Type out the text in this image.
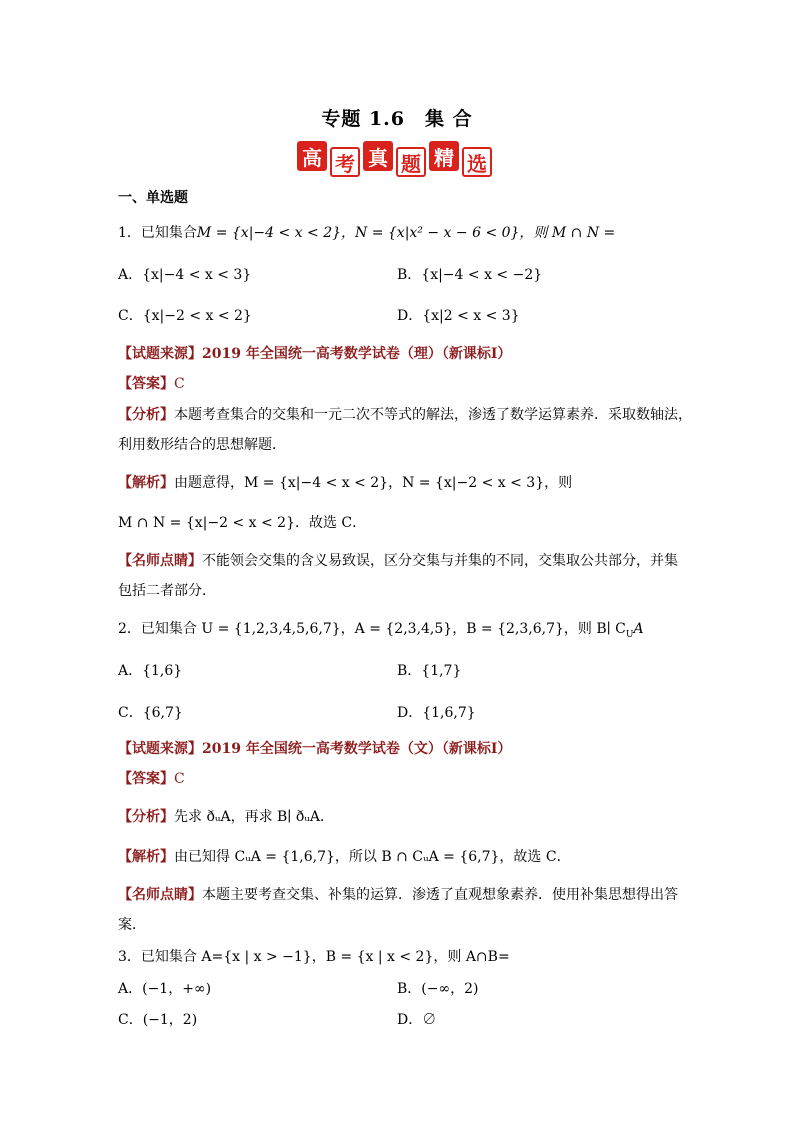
专题 1.6　集 合
高 考 真 题 精 选
一、单选题
1．已知集合M = {x|−4 < x < 2}，N = {x|x² − x − 6 < 0}，则 M ∩ N =
A．{x|−4 < x < 3}	B．{x|−4 < x < −2}
C．{x|−2 < x < 2}	D．{x|2 < x < 3}
【试题来源】2019 年全国统一高考数学试卷（理）（新课标Ⅰ）
【答案】C
【分析】本题考查集合的交集和一元二次不等式的解法，渗透了数学运算素养．采取数轴法，
利用数形结合的思想解题．
【解析】由题意得，M = {x|−4 < x < 2}，N = {x|−2 < x < 3}，则
M ∩ N = {x|−2 < x < 2}．故选 C．
【名师点睛】不能领会交集的含义易致误，区分交集与并集的不同，交集取公共部分，并集
包括二者部分．
2．已知集合 U = {1,2,3,4,5,6,7}，A = {2,3,4,5}，B = {2,3,6,7}，则 B∣ $C_UA$
A．{1,6}	B．{1,7}
C．{6,7}	D．{1,6,7}
【试题来源】2019 年全国统一高考数学试卷（文）（新课标Ⅰ）
【答案】C
【分析】先求 ðᵤA，再求 B∣ ðᵤA．
【解析】由已知得 CᵤA = {1,6,7}，所以 B ∩ CᵤA = {6,7}，故选 C．
【名师点睛】本题主要考查交集、补集的运算．渗透了直观想象素养．使用补集思想得出答
案．
3．已知集合 A={x | x > −1}，B = {x | x < 2}，则 A∩B=
A．(−1，+∞)	B．(−∞，2)
C．(−1，2)	D．∅
